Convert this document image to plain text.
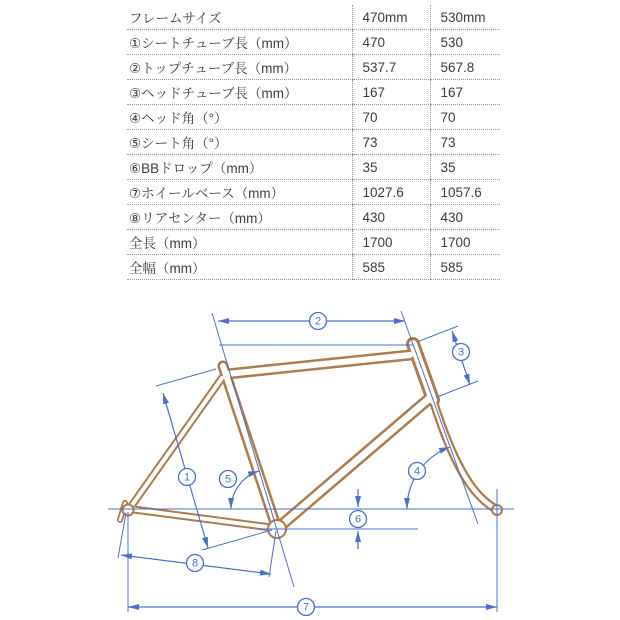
フレームサイズ	470mm	530mm
①シートチューブ長（mm）	470	530
②トップチューブ長（mm）	537.7	567.8
③ヘッドチューブ長（mm）	167	167
④ヘッド角（°）	70	70
⑤シート角（°）	73	73
⑥BBドロップ（mm）	35	35
⑦ホイールベース（mm）	1027.6	1057.6
⑧リアセンター（mm）	430	430
全長（mm）	1700	1700
全幅（mm）	585	585
1
2
3
4
5
6
7
8
